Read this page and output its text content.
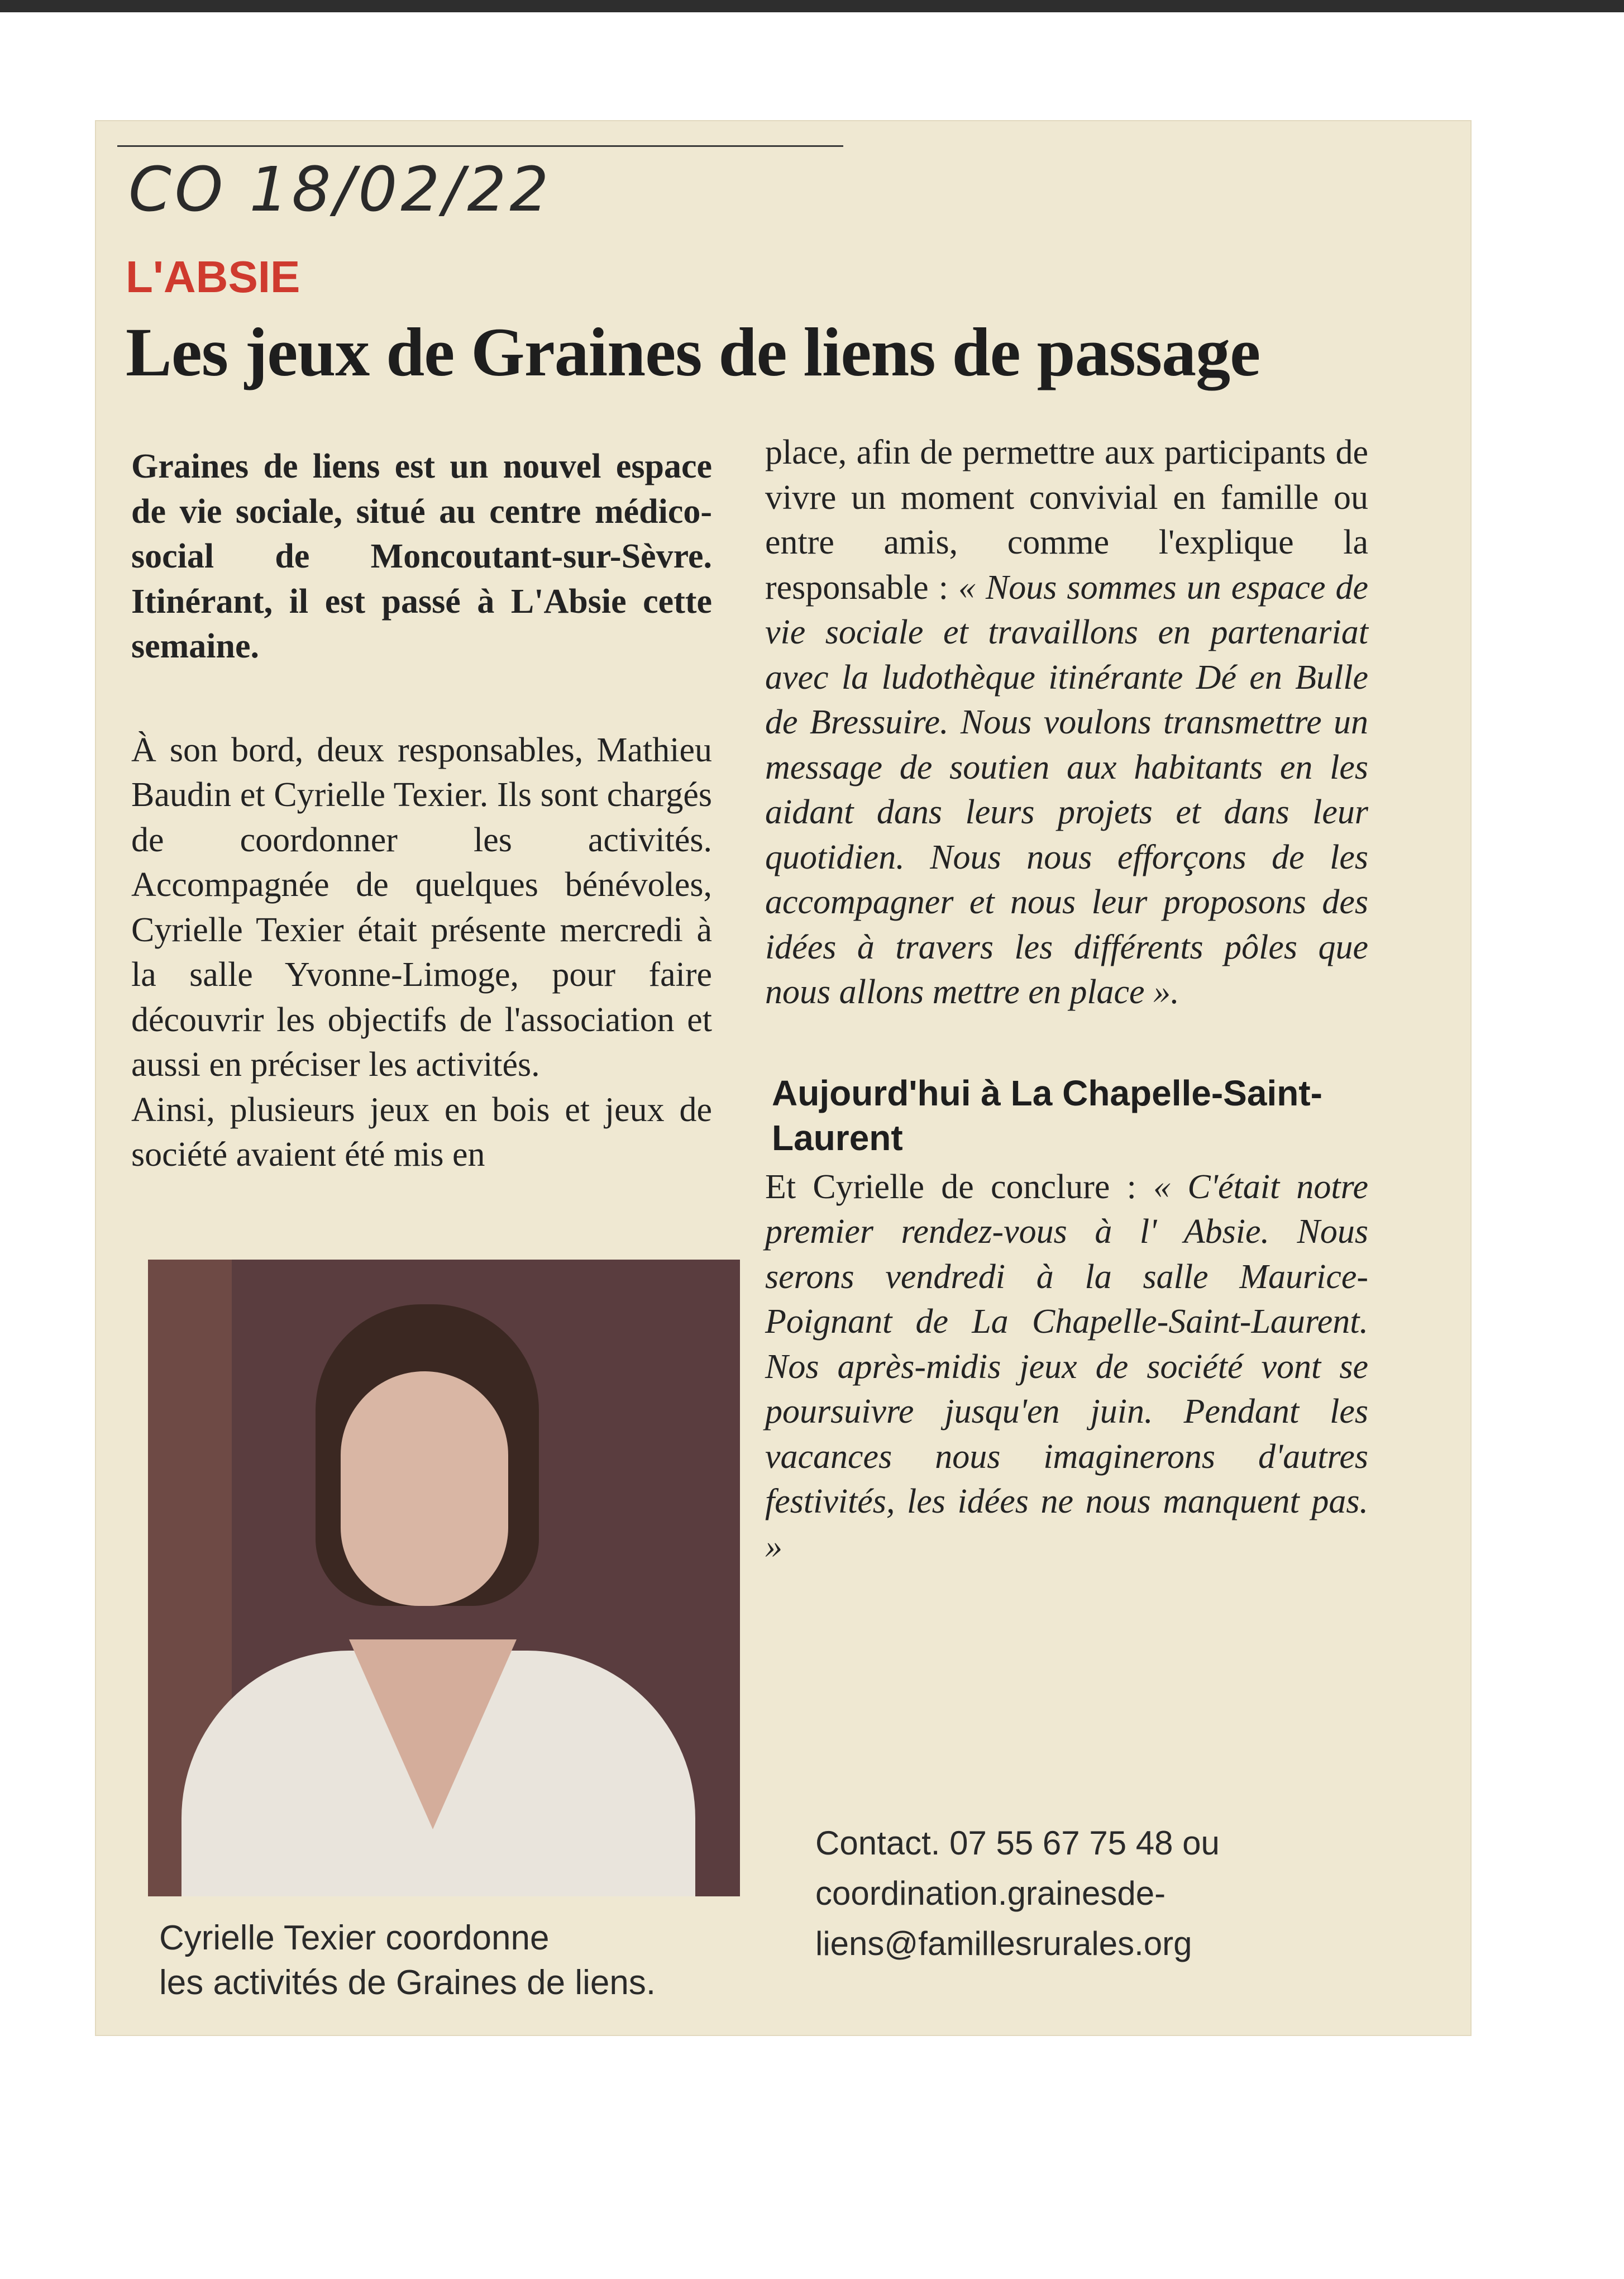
CO 18/02/22
L'ABSIE
Les jeux de Graines de liens de passage

Graines de liens est un nouvel espace de vie sociale, situé au centre médico-social de Moncoutant-sur-Sèvre. Itinérant, il est passé à L'Absie cette semaine.

À son bord, deux responsables, Mathieu Baudin et Cyrielle Texier. Ils sont chargés de coordonner les activités. Accompagnée de quelques bénévoles, Cyrielle Texier était présente mercredi à la salle Yvonne-Limoge, pour faire découvrir les objectifs de l'association et aussi en préciser les activités.

Ainsi, plusieurs jeux en bois et jeux de société avaient été mis en

Cyrielle Texier coordonne
les activités de Graines de liens.

place, afin de permettre aux participants de vivre un moment convivial en famille ou entre amis, comme l'explique la responsable : « Nous sommes un espace de vie sociale et travaillons en partenariat avec la ludothèque itinérante Dé en Bulle de Bressuire. Nous voulons transmettre un message de soutien aux habitants en les aidant dans leurs projets et dans leur quotidien. Nous nous efforçons de les accompagner et nous leur proposons des idées à travers les différents pôles que nous allons mettre en place ».

Aujourd'hui à La Chapelle-Saint-Laurent

Et Cyrielle de conclure : « C'était notre premier rendez-vous à l' Absie. Nous serons vendredi à la salle Maurice-Poignant de La Chapelle-Saint-Laurent. Nos après-midis jeux de société vont se poursuivre jusqu'en juin. Pendant les vacances nous imaginerons d'autres festivités, les idées ne nous manquent pas. »

Contact. 07 55 67 75 48 ou
coordination.grainesde-
liens@famillesrurales.org
